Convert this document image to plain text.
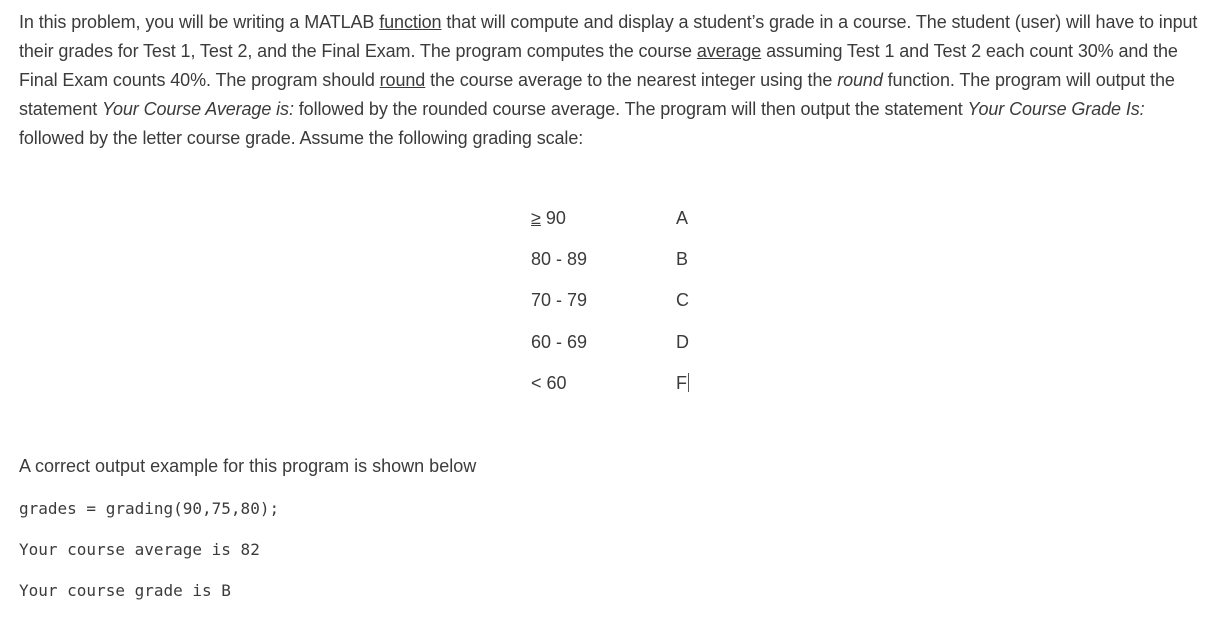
In this problem, you will be writing a MATLAB function that will compute and display a student’s grade in a course. The student (user) will have to input their grades for Test 1, Test 2, and the Final Exam. The program computes the course average assuming Test 1 and Test 2 each count 30% and the Final Exam counts 40%. The program should round the course average to the nearest integer using the round function. The program will output the statement Your Course Average is: followed by the rounded course average. The program will then output the statement Your Course Grade Is: followed by the letter course grade. Assume the following grading scale:

≥ 90	A
80 - 89	B
70 - 79	C
60 - 69	D
< 60	F
A correct output example for this program is shown below
grades = grading(90,75,80);
Your course average is 82
Your course grade is B
